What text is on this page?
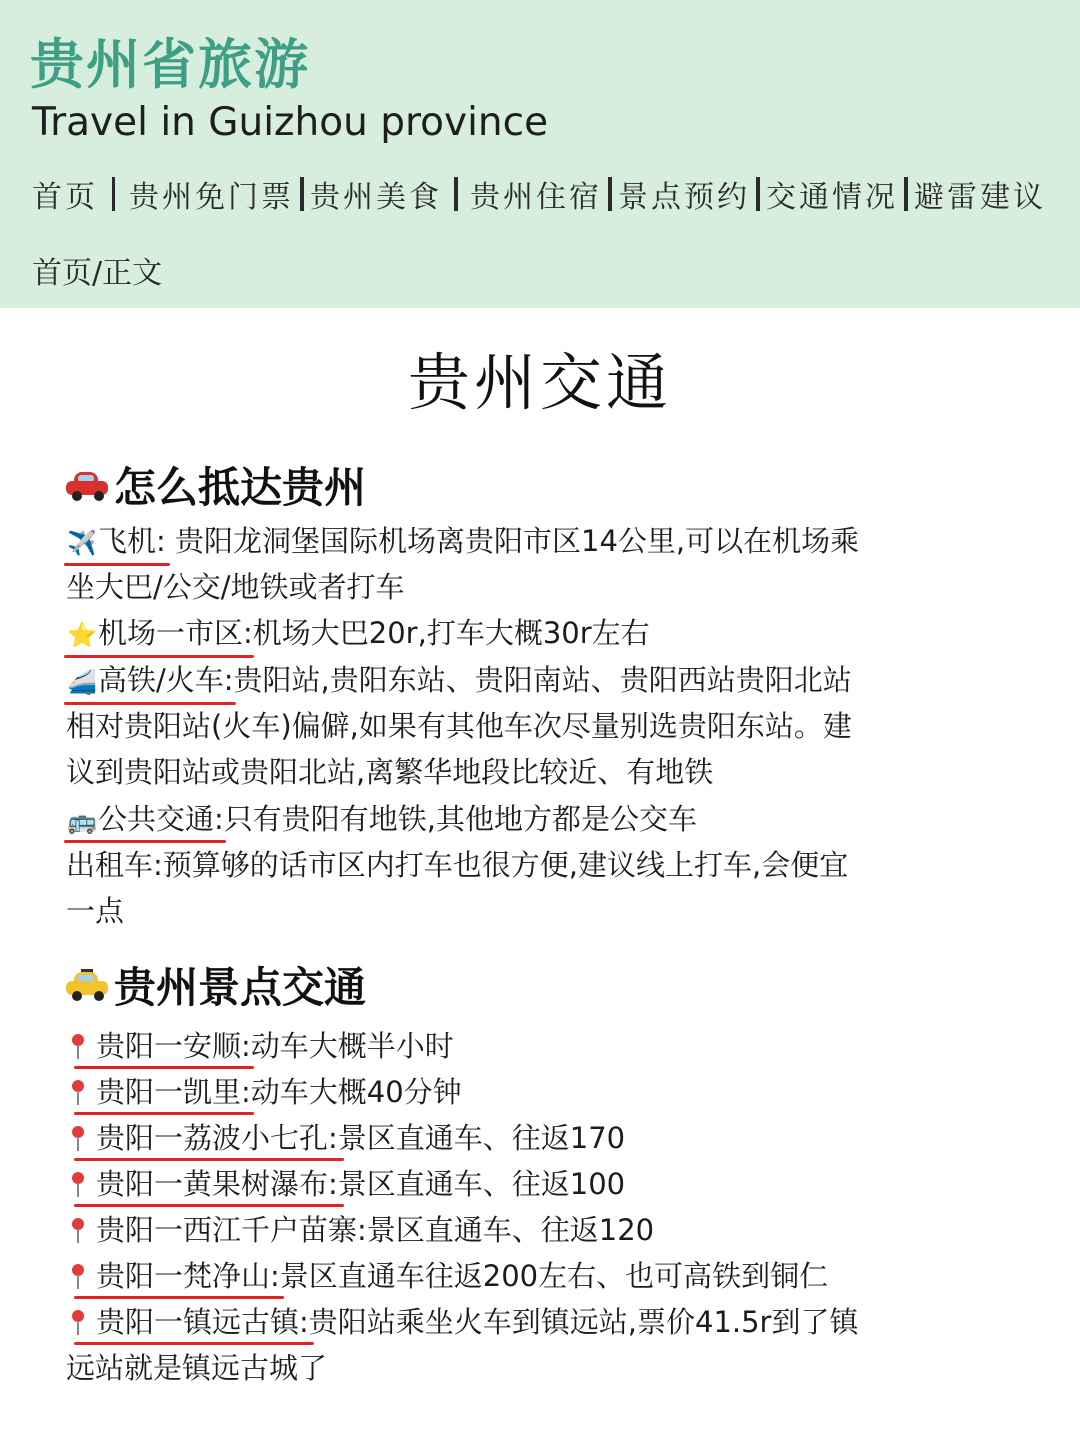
贵州省旅游
Travel in Guizhou province
首页 贵州免门票 贵州美食 贵州住宿 景点预约 交通情况 避雷建议
首页/正文
贵州交通
怎么抵达贵州
✈️飞机: 贵阳龙洞堡国际机场离贵阳市区14公里,可以在机场乘
坐大巴/公交/地铁或者打车
⭐机场一市区:机场大巴20r,打车大概30r左右
🚄高铁/火车:贵阳站,贵阳东站、贵阳南站、贵阳西站贵阳北站
相对贵阳站(火车)偏僻,如果有其他车次尽量别选贵阳东站。建
议到贵阳站或贵阳北站,离繁华地段比较近、有地铁
🚌公共交通:只有贵阳有地铁,其他地方都是公交车
出租车:预算够的话市区内打车也很方便,建议线上打车,会便宜
一点
贵州景点交通
贵阳一安顺:动车大概半小时
贵阳一凯里:动车大概40分钟
贵阳一荔波小七孔:景区直通车、往返170
贵阳一黄果树瀑布:景区直通车、往返100
贵阳一西江千户苗寨:景区直通车、往返120
贵阳一梵净山:景区直通车往返200左右、也可高铁到铜仁
贵阳一镇远古镇:贵阳站乘坐火车到镇远站,票价41.5r到了镇
远站就是镇远古城了
